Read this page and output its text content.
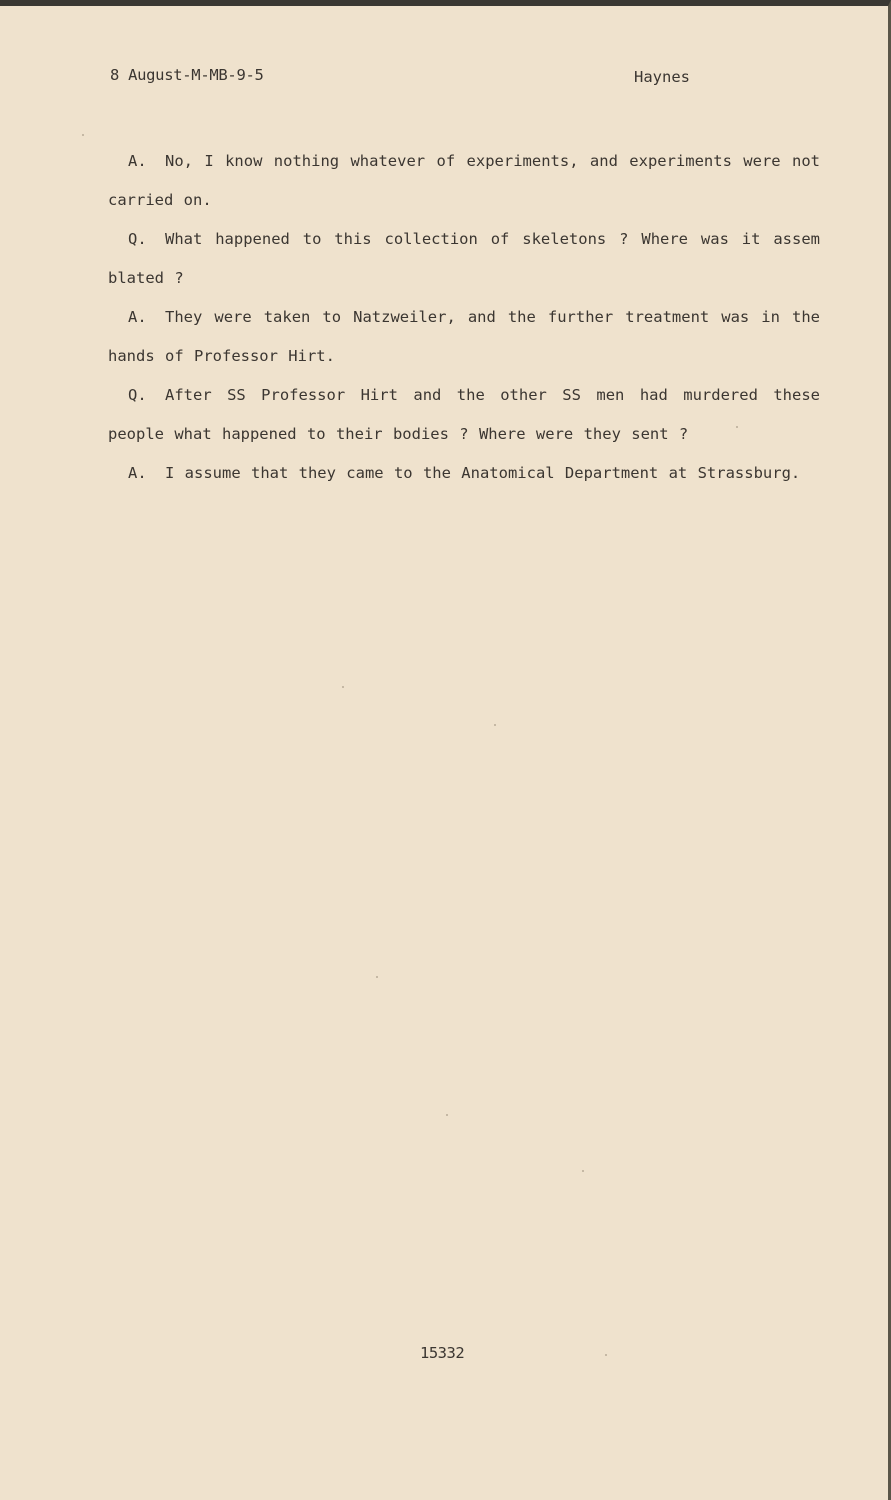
8 August-M-MB-9-5	Haynes

A. No, I know nothing whatever of experiments, and experiments were not carried on.

Q. What happened to this collection of skeletons ? Where was it assem blated ?

A. They were taken to Natzweiler, and the further treatment was in the hands of Professor Hirt.

Q. After SS Professor Hirt and the other SS men had murdered these people what happened to their bodies ? Where were they sent ?

A. I assume that they came to the Anatomical Department at Strassburg.

15332
